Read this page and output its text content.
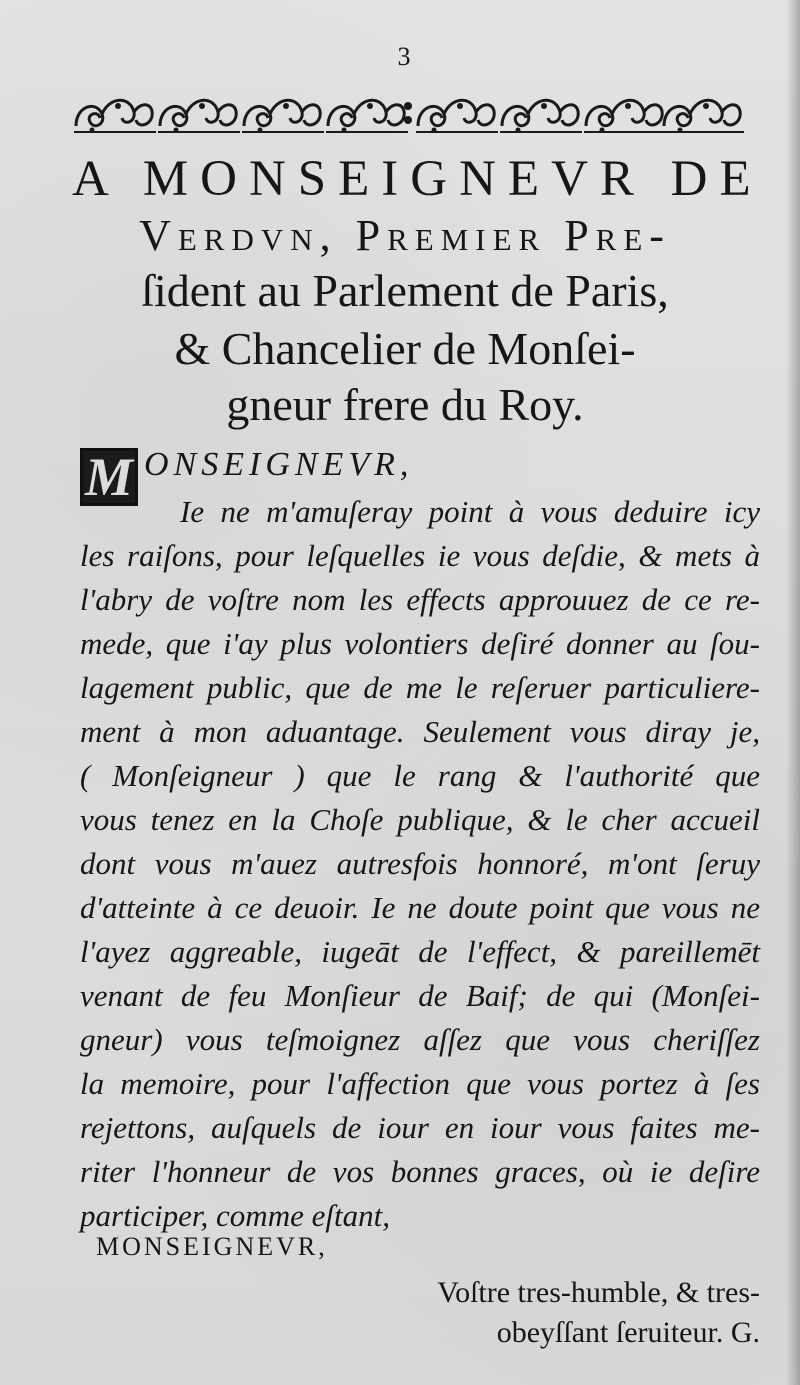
3
A MONSEIGNEVR DE
Verdvn, Premier Pre-
ſident au Parlement de Paris,
& Chancelier de Monſei-
gneur frere du Roy.
M ONSEIGNEVR,
Ie ne m'amuſeray point à vous deduire icy
les raiſons, pour leſquelles ie vous deſdie, & mets à
l'abry de voſtre nom les effects approuuez de ce re-
mede, que i'ay plus volontiers deſiré donner au ſou-
lagement public, que de me le reſeruer particuliere-
ment à mon aduantage. Seulement vous diray je,
( Monſeigneur ) que le rang & l'authorité que
vous tenez en la Choſe publique, & le cher accueil
dont vous m'auez autresfois honnoré, m'ont ſeruy
d'atteinte à ce deuoir. Ie ne doute point que vous ne
l'ayez aggreable, iugeāt de l'effect, & pareillemēt
venant de feu Monſieur de Baif; de qui (Monſei-
gneur) vous teſmoignez aſſez que vous cheriſſez
la memoire, pour l'affection que vous portez à ſes
rejettons, auſquels de iour en iour vous faites me-
riter l'honneur de vos bonnes graces, où ie deſire
participer, comme eſtant,
MONSEIGNEVR,
Voſtre tres-humble, & tres-
obeyſſant ſeruiteur. G.
